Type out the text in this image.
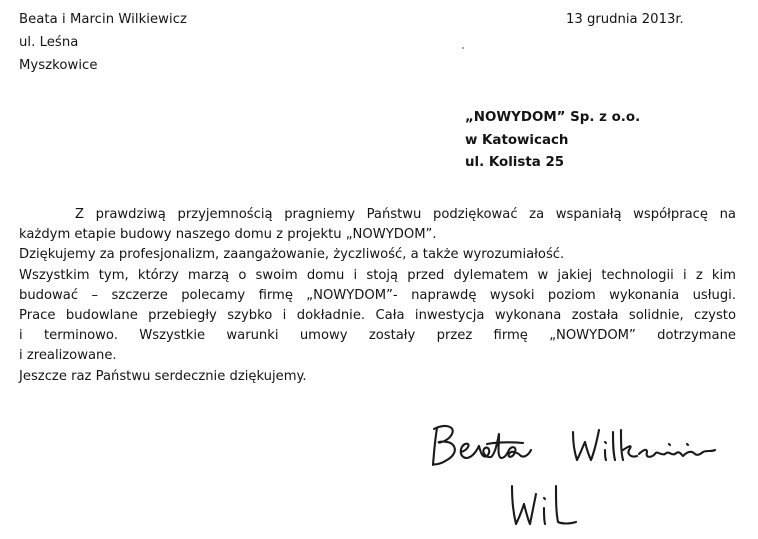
Beata i Marcin Wilkiewicz
ul. Leśna
Myszkowice
13 grudnia 2013r.
„NOWYDOM” Sp. z o.o.
w Katowicach
ul. Kolista 25
Z prawdziwą przyjemnością pragniemy Państwu podziękować za wspaniałą współpracę na
każdym etapie budowy naszego domu z projektu „NOWYDOM”.
Dziękujemy za profesjonalizm, zaangażowanie, życzliwość, a także wyrozumiałość.
Wszystkim tym, którzy marzą o swoim domu i stoją przed dylematem w jakiej technologii i z kim
budować – szczerze polecamy firmę „NOWYDOM”- naprawdę wysoki poziom wykonania usługi.
Prace budowlane przebiegły szybko i dokładnie. Cała inwestycja wykonana została solidnie, czysto
i terminowo. Wszystkie warunki umowy zostały przez firmę „NOWYDOM” dotrzymane
i zrealizowane.
Jeszcze raz Państwu serdecznie dziękujemy.
